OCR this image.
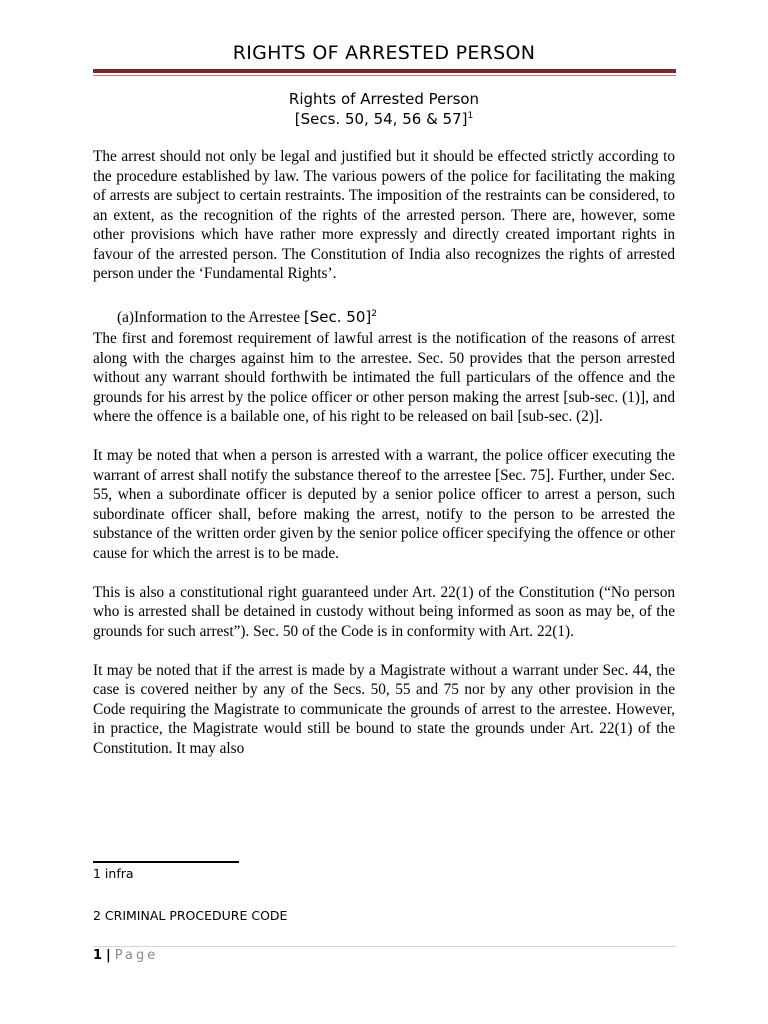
RIGHTS OF ARRESTED PERSON
Rights of Arrested Person
[Secs. 50, 54, 56 & 57]$^1$

The arrest should not only be legal and justified but it should be effected strictly according to the procedure established by law. The various powers of the police for facilitating the making of arrests are subject to certain restraints. The imposition of the restraints can be considered, to an extent, as the recognition of the rights of the arrested person. There are, however, some other provisions which have rather more expressly and directly created important rights in favour of the arrested person. The Constitution of India also recognizes the rights of arrested person under the ‘Fundamental Rights’.

(a)Information to the Arrestee [Sec. 50]$^2$

The first and foremost requirement of lawful arrest is the notification of the reasons of arrest along with the charges against him to the arrestee. Sec. 50 provides that the person arrested without any warrant should forthwith be intimated the full particulars of the offence and the grounds for his arrest by the police officer or other person making the arrest [sub-sec. (1)], and where the offence is a bailable one, of his right to be released on bail [sub-sec. (2)].

It may be noted that when a person is arrested with a warrant, the police officer executing the warrant of arrest shall notify the substance thereof to the arrestee [Sec. 75]. Further, under Sec. 55, when a subordinate officer is deputed by a senior police officer to arrest a person, such subordinate officer shall, before making the arrest, notify to the person to be arrested the substance of the written order given by the senior police officer specifying the offence or other cause for which the arrest is to be made.

This is also a constitutional right guaranteed under Art. 22(1) of the Constitution (“No person who is arrested shall be detained in custody without being informed as soon as may be, of the grounds for such arrest”). Sec. 50 of the Code is in conformity with Art. 22(1).

It may be noted that if the arrest is made by a Magistrate without a warrant under Sec. 44, the case is covered neither by any of the Secs. 50, 55 and 75 nor by any other provision in the Code requiring the Magistrate to communicate the grounds of arrest to the arrestee. However, in practice, the Magistrate would still be bound to state the grounds under Art. 22(1) of the Constitution. It may also

1 infra
2 CRIMINAL PROCEDURE CODE
1 | Page
